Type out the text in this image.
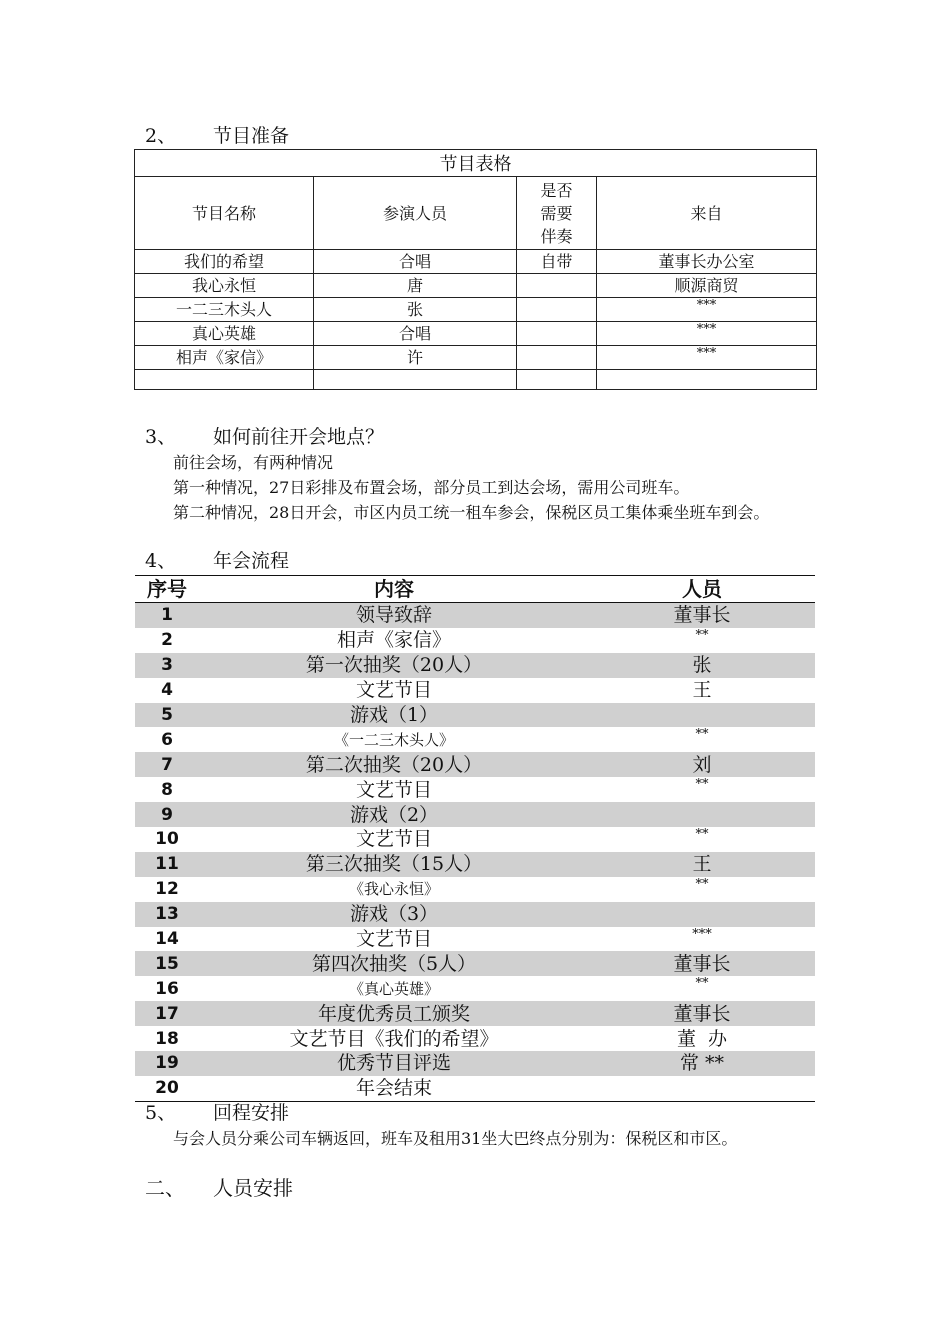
2、 节目准备
节目表格			
节目名称	参演人员	是否需要伴奏	来自
我们的希望	合唱	自带	董事长办公室
我心永恒	唐		顺源商贸
一二三木头人	张		***
真心英雄	合唱		***
相声《家信》	许		***

3、 如何前往开会地点？
前往会场，有两种情况
第一种情况，27日彩排及布置会场，部分员工到达会场，需用公司班车。
第二种情况，28日开会，市区内员工统一租车参会，保税区员工集体乘坐班车到会。
4、 年会流程
序号	内容	人员
1	领导致辞	董事长
2	相声《家信》	**
3	第一次抽奖（20人）	张
4	文艺节目	王
5	游戏（1）	
6	《一二三木头人》	**
7	第二次抽奖（20人）	刘
8	文艺节目	**
9	游戏（2）	
10	文艺节目	**
11	第三次抽奖（15人）	王
12	《我心永恒》	**
13	游戏（3）	
14	文艺节目	***
15	第四次抽奖（5人）	董事长
16	《真心英雄》	**
17	年度优秀员工颁奖	董事长
18	文艺节目《我们的希望》	董  办
19	优秀节目评选	常 **
20	年会结束	
5、 回程安排
与会人员分乘公司车辆返回，班车及租用31坐大巴终点分别为：保税区和市区。
二、 人员安排
